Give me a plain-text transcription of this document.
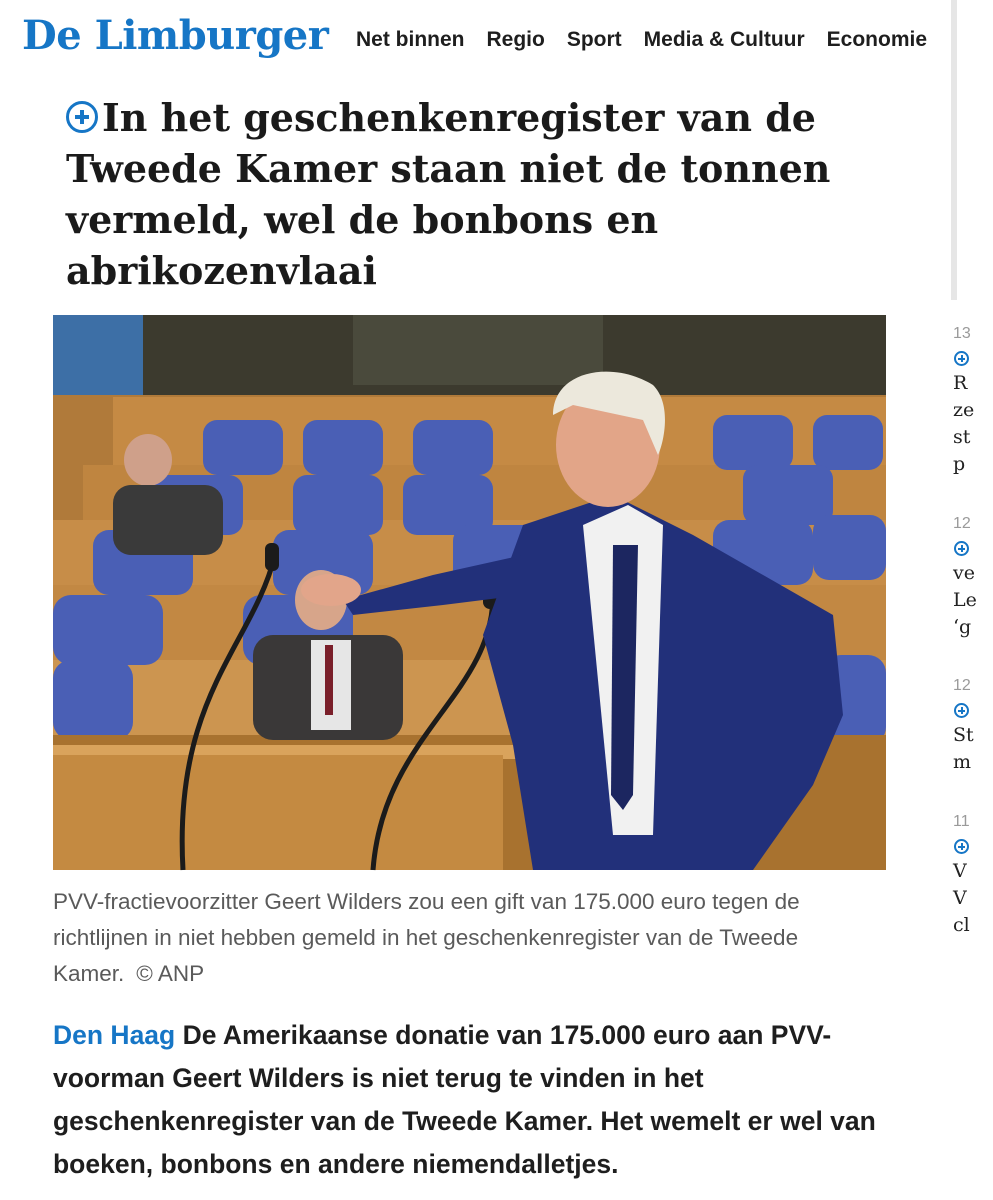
De Limburger Net binnen Regio Sport Media & Cultuur Economie
In het geschenkenregister van de Tweede Kamer staan niet de tonnen vermeld, wel de bonbons en abrikozenvlaai
PVV-fractievoorzitter Geert Wilders zou een gift van 175.000 euro tegen de richtlijnen in niet hebben gemeld in het geschenkenregister van de Tweede Kamer. © ANP

Den Haag De Amerikaanse donatie van 175.000 euro aan PVV-voorman Geert Wilders is niet terug te vinden in het geschenkenregister van de Tweede Kamer. Het wemelt er wel van boeken, bonbons en andere niemendalletjes.

13
R
ze
st
p
12
ve
Le
‘g
12
St
m
11
V
V
cl
